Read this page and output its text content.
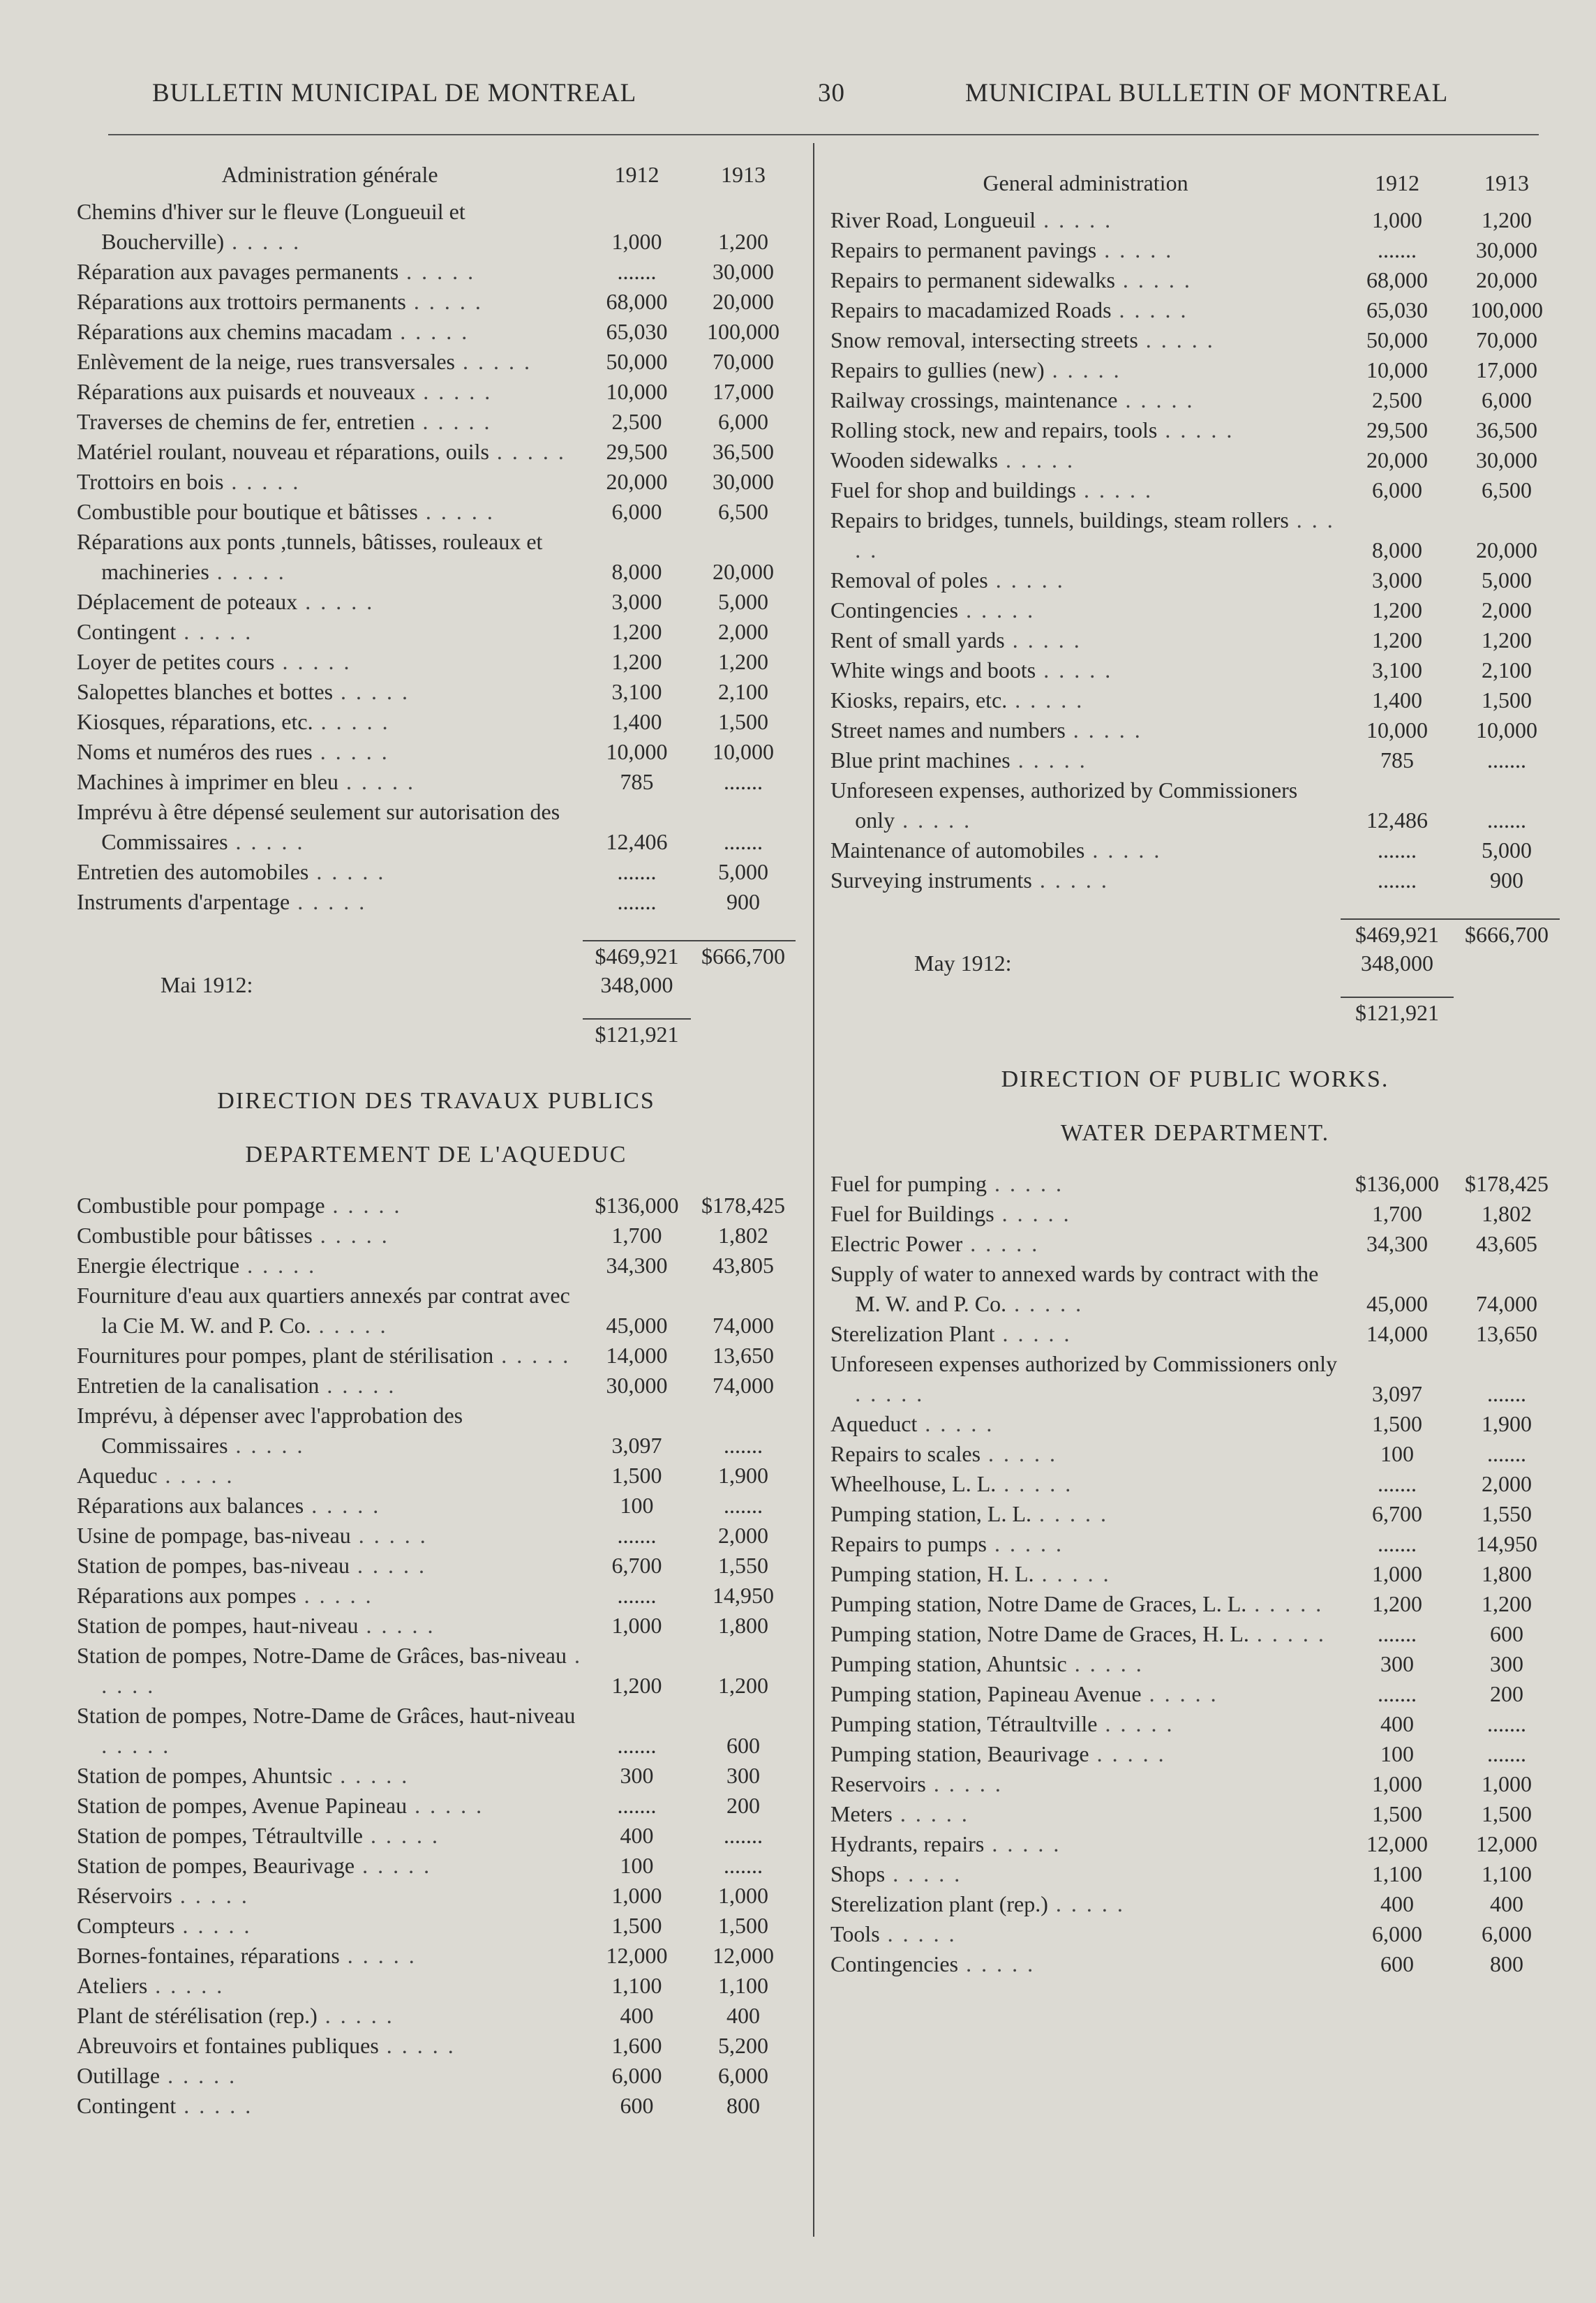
BULLETIN MUNICIPAL DE MONTREAL	30	MUNICIPAL BULLETIN OF MONTREAL
Administration générale	1912	1913
Chemins d'hiver sur le fleuve (Longueuil et Boucherville) . . . . .	1,000	1,200
Réparation aux pavages permanents . . . . .	.......	30,000
Réparations aux trottoirs permanents . . . . .	68,000	20,000
Réparations aux chemins macadam . . . . .	65,030	100,000
Enlèvement de la neige, rues transversales . . . . .	50,000	70,000
Réparations aux puisards et nouveaux . . . . .	10,000	17,000
Traverses de chemins de fer, entretien . . . . .	2,500	6,000
Matériel roulant, nouveau et réparations, ouils . . . . .	29,500	36,500
Trottoirs en bois . . . . .	20,000	30,000
Combustible pour boutique et bâtisses . . . . .	6,000	6,500
Réparations aux ponts ,tunnels, bâtisses, rouleaux et machineries . . . . .	8,000	20,000
Déplacement de poteaux . . . . .	3,000	5,000
Contingent . . . . .	1,200	2,000
Loyer de petites cours . . . . .	1,200	1,200
Salopettes blanches et bottes . . . . .	3,100	2,100
Kiosques, réparations, etc. . . . . .	1,400	1,500
Noms et numéros des rues . . . . .	10,000	10,000
Machines à imprimer en bleu . . . . .	785	.......
Imprévu à être dépensé seulement sur autorisation des Commissaires . . . . .	12,406	.......
Entretien des automobiles . . . . .	.......	5,000
Instruments d'arpentage . . . . .	.......	900
$469,921	$666,700
Mai 1912:	348,000
$121,921
DIRECTION DES TRAVAUX PUBLICS
DEPARTEMENT DE L'AQUEDUC
Combustible pour pompage . . . . .	$136,000	$178,425
Combustible pour bâtisses . . . . .	1,700	1,802
Energie électrique . . . . .	34,300	43,805
Fourniture d'eau aux quartiers annexés par contrat avec la Cie M. W. and P. Co. . . . . .	45,000	74,000
Fournitures pour pompes, plant de stérilisation . . . . .	14,000	13,650
Entretien de la canalisation . . . . .	30,000	74,000
Imprévu, à dépenser avec l'approbation des Commissaires . . . . .	3,097	.......
Aqueduc . . . . .	1,500	1,900
Réparations aux balances . . . . .	100	.......
Usine de pompage, bas-niveau . . . . .	.......	2,000
Station de pompes, bas-niveau . . . . .	6,700	1,550
Réparations aux pompes . . . . .	.......	14,950
Station de pompes, haut-niveau . . . . .	1,000	1,800
Station de pompes, Notre-Dame de Grâces, bas-niveau . . . . .	1,200	1,200
Station de pompes, Notre-Dame de Grâces, haut-niveau . . . . .	.......	600
Station de pompes, Ahuntsic . . . . .	300	300
Station de pompes, Avenue Papineau . . . . .	.......	200
Station de pompes, Tétraultville . . . . .	400	.......
Station de pompes, Beaurivage . . . . .	100	.......
Réservoirs . . . . .	1,000	1,000
Compteurs . . . . .	1,500	1,500
Bornes-fontaines, réparations . . . . .	12,000	12,000
Ateliers . . . . .	1,100	1,100
Plant de stérélisation (rep.) . . . . .	400	400
Abreuvoirs et fontaines publiques . . . . .	1,600	5,200
Outillage . . . . .	6,000	6,000
Contingent . . . . .	600	800
General administration	1912	1913
River Road, Longueuil . . . . .	1,000	1,200
Repairs to permanent pavings . . . . .	.......	30,000
Repairs to permanent sidewalks . . . . .	68,000	20,000
Repairs to macadamized Roads . . . . .	65,030	100,000
Snow removal, intersecting streets . . . . .	50,000	70,000
Repairs to gullies (new) . . . . .	10,000	17,000
Railway crossings, maintenance . . . . .	2,500	6,000
Rolling stock, new and repairs, tools . . . . .	29,500	36,500
Wooden sidewalks . . . . .	20,000	30,000
Fuel for shop and buildings . . . . .	6,000	6,500
Repairs to bridges, tunnels, buildings, steam rollers . . . . .	8,000	20,000
Removal of poles . . . . .	3,000	5,000
Contingencies . . . . .	1,200	2,000
Rent of small yards . . . . .	1,200	1,200
White wings and boots . . . . .	3,100	2,100
Kiosks, repairs, etc. . . . . .	1,400	1,500
Street names and numbers . . . . .	10,000	10,000
Blue print machines . . . . .	785	.......
Unforeseen expenses, authorized by Commissioners only . . . . .	12,486	.......
Maintenance of automobiles . . . . .	.......	5,000
Surveying instruments . . . . .	.......	900
$469,921	$666,700
May 1912:	348,000
$121,921
DIRECTION OF PUBLIC WORKS.
WATER DEPARTMENT.
Fuel for pumping . . . . .	$136,000	$178,425
Fuel for Buildings . . . . .	1,700	1,802
Electric Power . . . . .	34,300	43,605
Supply of water to annexed wards by contract with the M. W. and P. Co. . . . . .	45,000	74,000
Sterelization Plant . . . . .	14,000	13,650
Unforeseen expenses authorized by Commissioners only . . . . .	3,097	.......
Aqueduct . . . . .	1,500	1,900
Repairs to scales . . . . .	100	.......
Wheelhouse, L. L. . . . . .	.......	2,000
Pumping station, L. L. . . . . .	6,700	1,550
Repairs to pumps . . . . .	.......	14,950
Pumping station, H. L. . . . . .	1,000	1,800
Pumping station, Notre Dame de Graces, L. L. . . . . .	1,200	1,200
Pumping station, Notre Dame de Graces, H. L. . . . . .	.......	600
Pumping station, Ahuntsic . . . . .	300	300
Pumping station, Papineau Avenue . . . . .	.......	200
Pumping station, Tétraultville . . . . .	400	.......
Pumping station, Beaurivage . . . . .	100	.......
Reservoirs . . . . .	1,000	1,000
Meters . . . . .	1,500	1,500
Hydrants, repairs . . . . .	12,000	12,000
Shops . . . . .	1,100	1,100
Sterelization plant (rep.) . . . . .	400	400
Tools . . . . .	6,000	6,000
Contingencies . . . . .	600	800
